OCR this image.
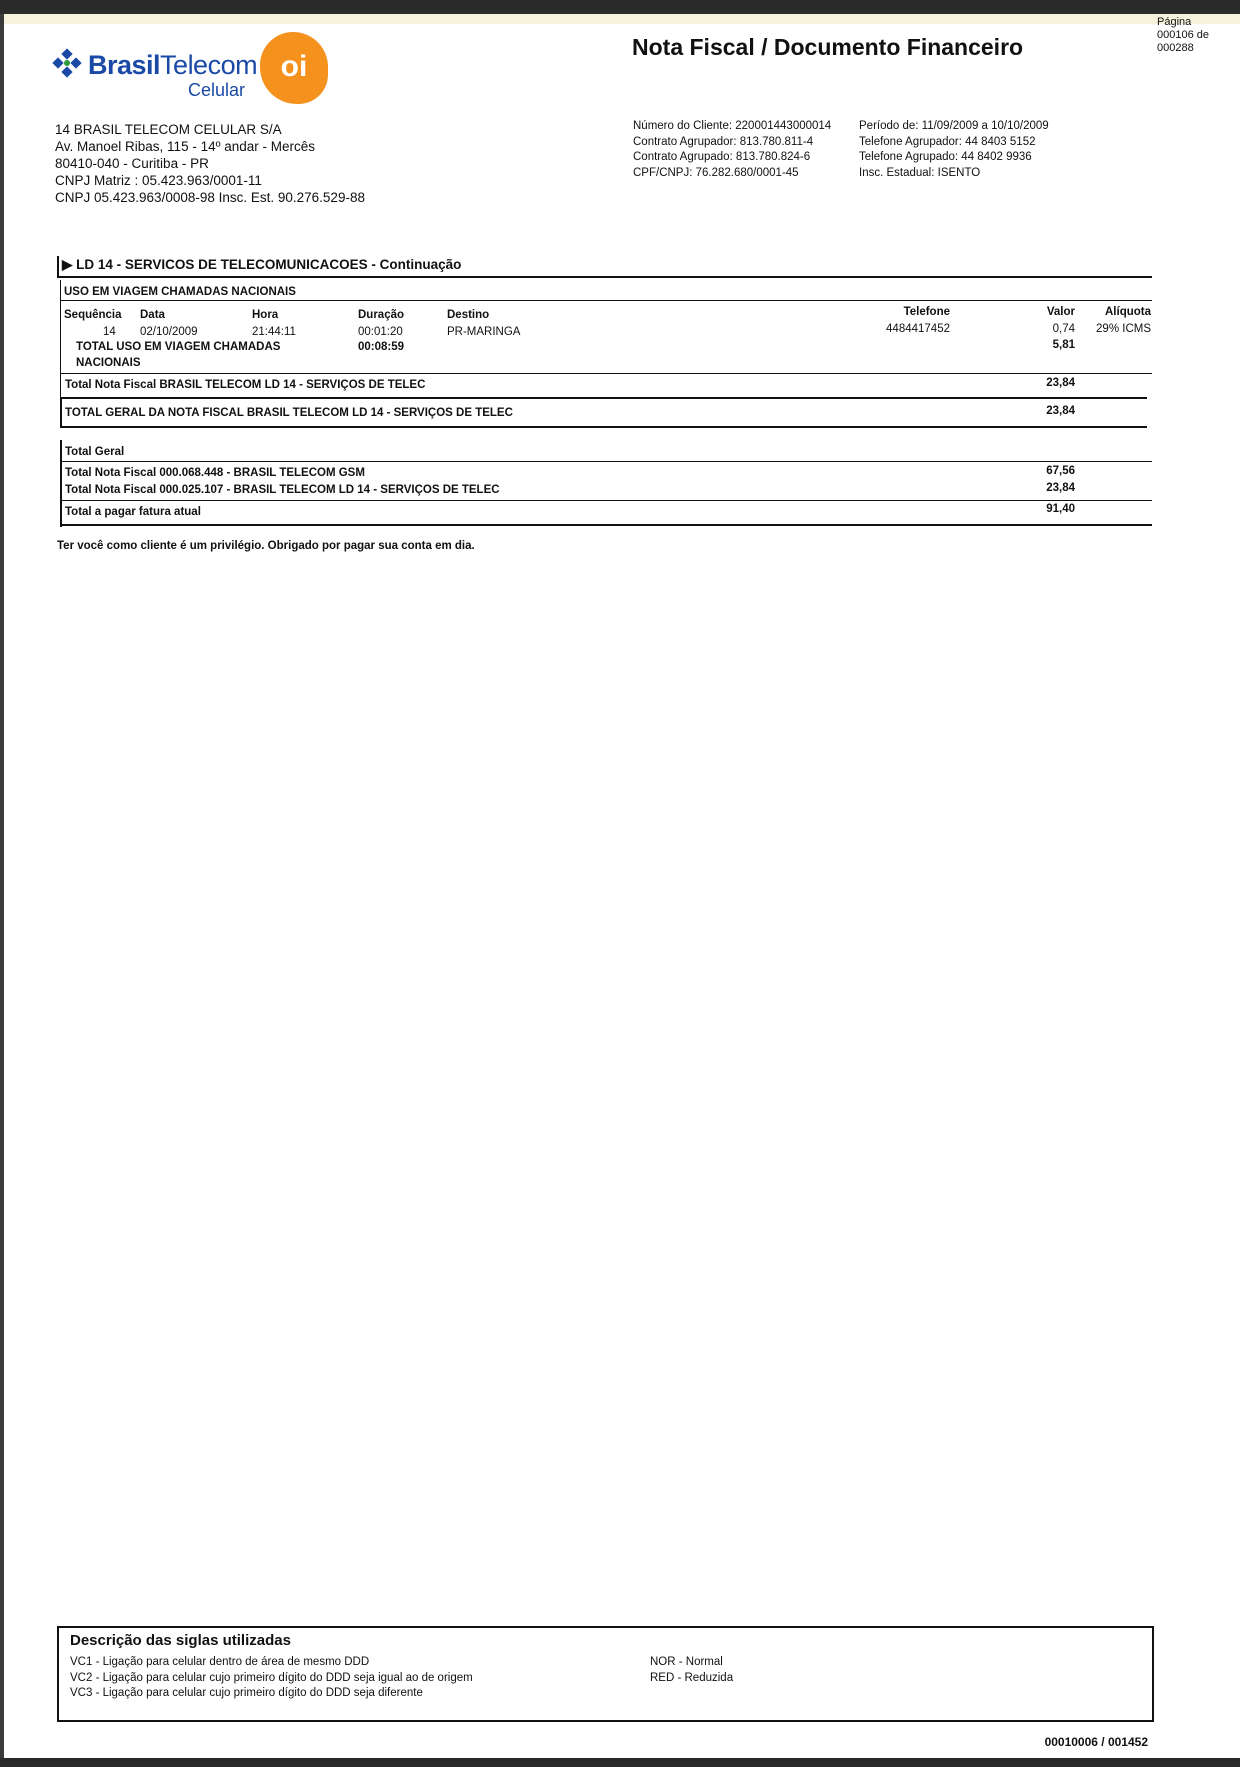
BrasilTelecom
Celular
oi
Nota Fiscal / Documento Financeiro
Página
000106 de
000288
14 BRASIL TELECOM CELULAR S/A
Av. Manoel Ribas, 115 - 14º andar - Mercês
80410-040 - Curitiba - PR
CNPJ Matriz : 05.423.963/0001-11
CNPJ 05.423.963/0008-98 Insc. Est. 90.276.529-88
Número do Cliente: 2200014430000​14
Contrato Agrupador: 813.780.811-4
Contrato Agrupado: 813.780.824-6
CPF/CNPJ: 76.282.680/0001-45
Período de: 11/09/2009 a 10/10/2009
Telefone Agrupador: 44 8403 5152
Telefone Agrupado: 44 8402 9936
Insc. Estadual: ISENTO
▶ LD 14 - SERVICOS DE TELECOMUNICACOES - Continuação
USO EM VIAGEM CHAMADAS NACIONAIS
Sequência Data	Hora	Duração	Destino	Telefone	Valor	Alíquota
14 02/10/2009	21:44:11	00:01:20	PR-MARINGA	4484417452	0,74	29% ICMS
TOTAL USO EM VIAGEM CHAMADAS
NACIONAIS
00:08:59	5,81
Total Nota Fiscal BRASIL TELECOM LD 14 - SERVIÇOS DE TELEC	23,84
TOTAL GERAL DA NOTA FISCAL BRASIL TELECOM LD 14 - SERVIÇOS DE TELEC	23,84
Total Geral
Total Nota Fiscal 000.068.448 - BRASIL TELECOM GSM	67,56
Total Nota Fiscal 000.025.107 - BRASIL TELECOM LD 14 - SERVIÇOS DE TELEC	23,84
Total a pagar fatura atual	91,40
Ter você como cliente é um privilégio. Obrigado por pagar sua conta em dia.
Descrição das siglas utilizadas
VC1 - Ligação para celular dentro de área de mesmo DDD
VC2 - Ligação para celular cujo primeiro dígito do DDD seja igual ao de origem
VC3 - Ligação para celular cujo primeiro dígito do DDD seja diferente
NOR - Normal
RED - Reduzida
00010006 / 001452
